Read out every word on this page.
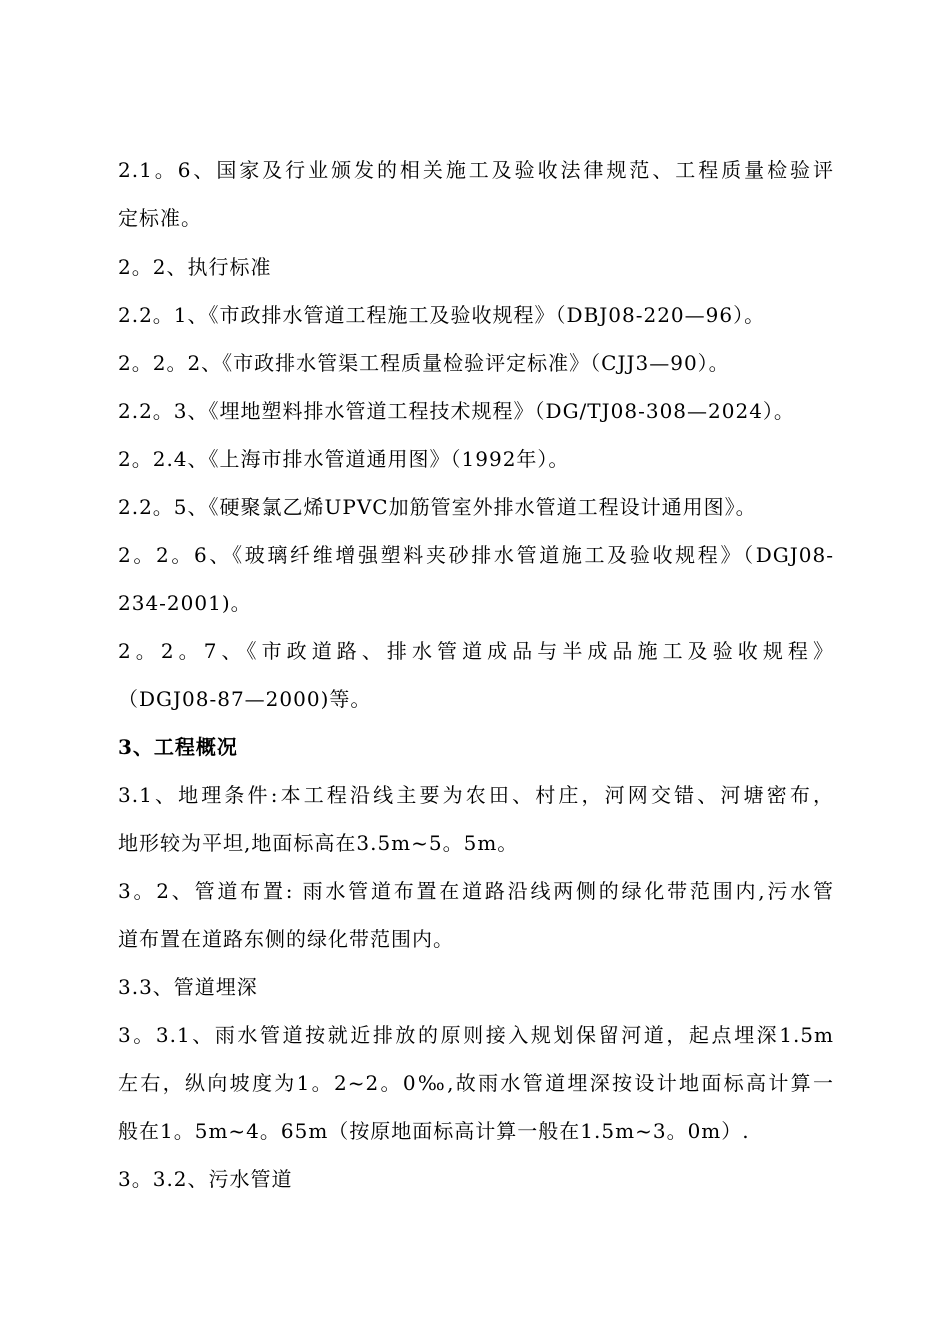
2.1。6、国家及行业颁发的相关施工及验收法律规范、工程质量检验评
定标准。
2。2、执行标准
2.2。1、《市政排水管道工程施工及验收规程》（DBJ08-220—96）。
2。2。2、《市政排水管渠工程质量检验评定标准》（CJJ3—90）。
2.2。3、《埋地塑料排水管道工程技术规程》（DG/TJ08-308—2024）。
2。2.4、《上海市排水管道通用图》（1992年）。
2.2。5、《硬聚氯乙烯UPVC加筋管室外排水管道工程设计通用图》。
2。2。6、《玻璃纤维增强塑料夹砂排水管道施工及验收规程》（DGJ08-
234-2001)。
2。2。7、《市政道路、排水管道成品与半成品施工及验收规程》
（DGJ08-87—2000)等。
3、工程概况
3.1、地理条件:本工程沿线主要为农田、村庄，河网交错、河塘密布，
地形较为平坦,地面标高在3.5m~5。5m。
3。2、管道布置: 雨水管道布置在道路沿线两侧的绿化带范围内,污水管
道布置在道路东侧的绿化带范围内。
3.3、管道埋深
3。3.1、雨水管道按就近排放的原则接入规划保留河道，起点埋深1.5m
左右，纵向坡度为1。2~2。0‰,故雨水管道埋深按设计地面标高计算一
般在1。5m~4。65m（按原地面标高计算一般在1.5m~3。0m）.
3。3.2、污水管道
